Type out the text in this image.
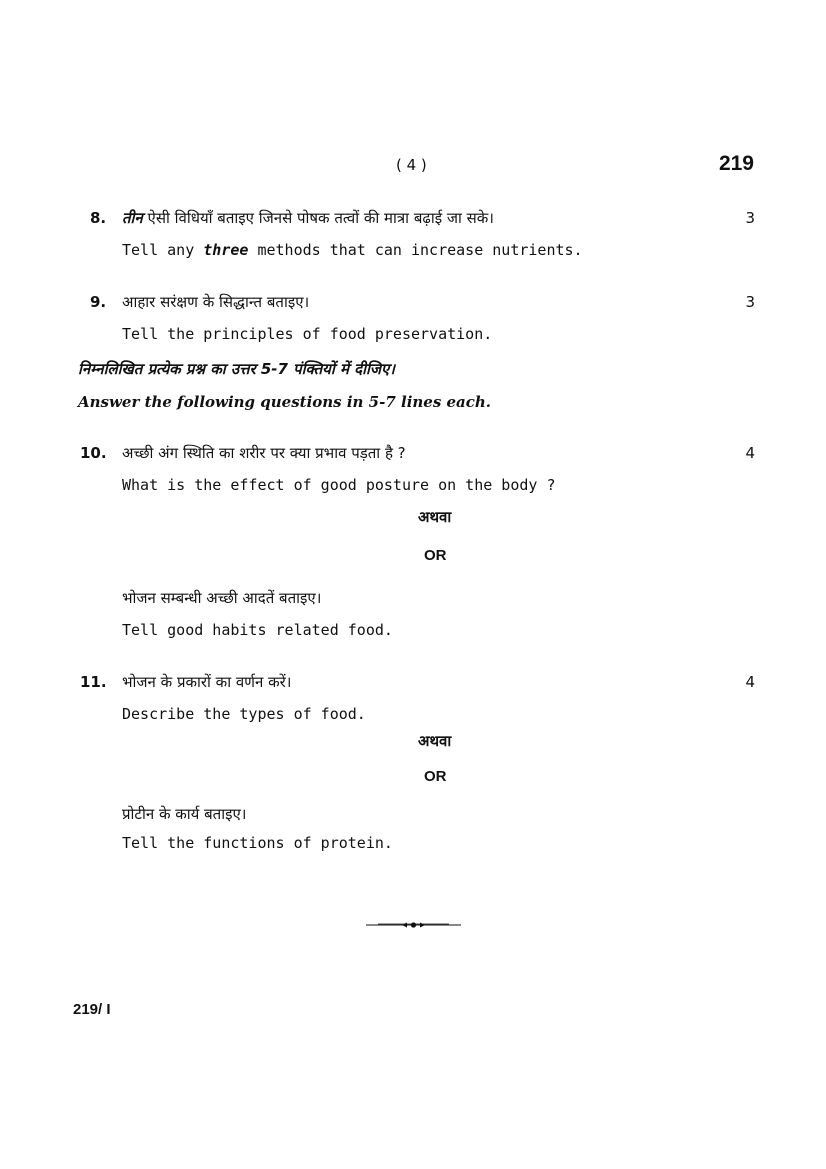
( 4 )	219
8. तीन ऐसी विधियाँ बताइए जिनसे पोषक तत्वों की मात्रा बढ़ाई जा सके।	3
Tell any three methods that can increase nutrients.
9. आहार सरंक्षण के सिद्धान्त बताइए।	3
Tell the principles of food preservation.
निम्नलिखित प्रत्येक प्रश्न का उत्तर 5-7 पंक्तियों में दीजिए।
Answer the following questions in 5-7 lines each.
10. अच्छी अंग स्थिति का शरीर पर क्या प्रभाव पड़ता है ?	4
What is the effect of good posture on the body ?
अथवा
OR
भोजन सम्बन्धी अच्छी आदतें बताइए।
Tell good habits related food.
11. भोजन के प्रकारों का वर्णन करें।	4
Describe the types of food.
अथवा
OR
प्रोटीन के कार्य बताइए।
Tell the functions of protein.
219/ I
